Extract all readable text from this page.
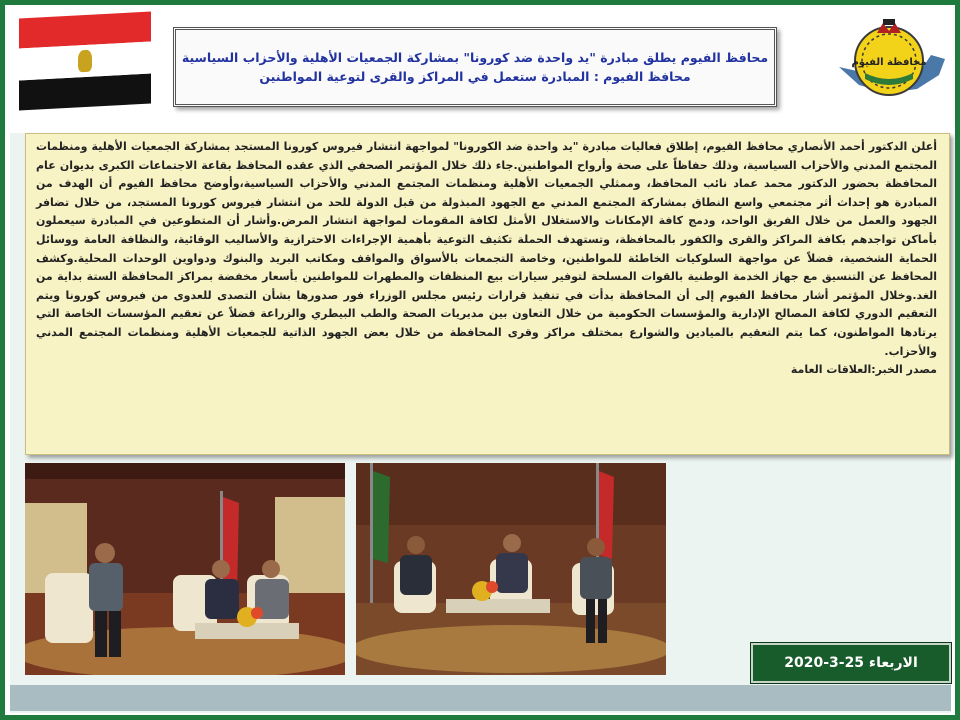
محافظ الفيوم يطلق مبادرة "يد واحدة ضد كورونا" بمشاركة الجمعيات الأهلية والأحزاب السياسية
محافظ الفيوم : المبادرة ستعمل في المراكز والقرى لتوعية المواطنين
محافظة الفيوم

أعلن الدكتور أحمد الأنصاري محافظ الفيوم، إطلاق فعاليات مبادرة "يد واحدة ضد الكورونا" لمواجهة انتشار فيروس كورونا المستجد بمشاركة الجمعيات الأهلية ومنظمات المجتمع المدني والأحزاب السياسية، وذلك حفاظاً على صحة وأرواح المواطنين.جاء ذلك خلال المؤتمر الصحفي الذي عقده المحافظ بقاعة الاجتماعات الكبرى بديوان عام المحافظة بحضور الدكتور محمد عماد نائب المحافظ، وممثلي الجمعيات الأهلية ومنظمات المجتمع المدني والأحزاب السياسية،وأوضح محافظ الفيوم أن الهدف من المبادرة هو إحداث أثر مجتمعي واسع النطاق بمشاركة المجتمع المدني مع الجهود المبذولة من قبل الدولة للحد من انتشار فيروس كورونا المستجد، من خلال تضافر الجهود والعمل من خلال الفريق الواحد، ودمج كافة الإمكانات والاستغلال الأمثل لكافة المقومات لمواجهة انتشار المرض.وأشار أن المتطوعين في المبادرة سيعملون بأماكن تواجدهم بكافة المراكز والقرى والكفور بالمحافظة، وتستهدف الحملة تكثيف التوعية بأهمية الإجراءات الاحترازية والأساليب الوقائية، والنظافة العامة ووسائل الحماية الشخصية، فضلاً عن مواجهة السلوكيات الخاطئة للمواطنين، وخاصة التجمعات بالأسواق والمواقف ومكاتب البريد والبنوك ودواوين الوحدات المحلية.وكشف المحافظ عن التنسيق مع جهاز الخدمة الوطنية بالقوات المسلحة لتوفير سيارات بيع المنظفات والمطهرات للمواطنين بأسعار مخفضة بمراكز المحافظة الستة بداية من الغد.وخلال المؤتمر أشار محافظ الفيوم إلى أن المحافظة بدأت في تنفيذ قرارات رئيس مجلس الوزراء فور صدورها بشأن التصدى للعدوى من فيروس كورونا ويتم التعقيم الدوري لكافة المصالح الإدارية والمؤسسات الحكومية من خلال التعاون بين مديريات الصحة والطب البيطري والزراعة فضلاً عن تعقيم المؤسسات الخاصة التي يرتادها المواطنون، كما يتم التعقيم بالميادين والشوارع بمختلف مراكز وقرى المحافظة من خلال بعض الجهود الذاتية للجمعيات الأهلية ومنظمات المجتمع المدني والأحزاب.

مصدر الخبر:العلاقات العامة

الاربعاء 25-3-2020
